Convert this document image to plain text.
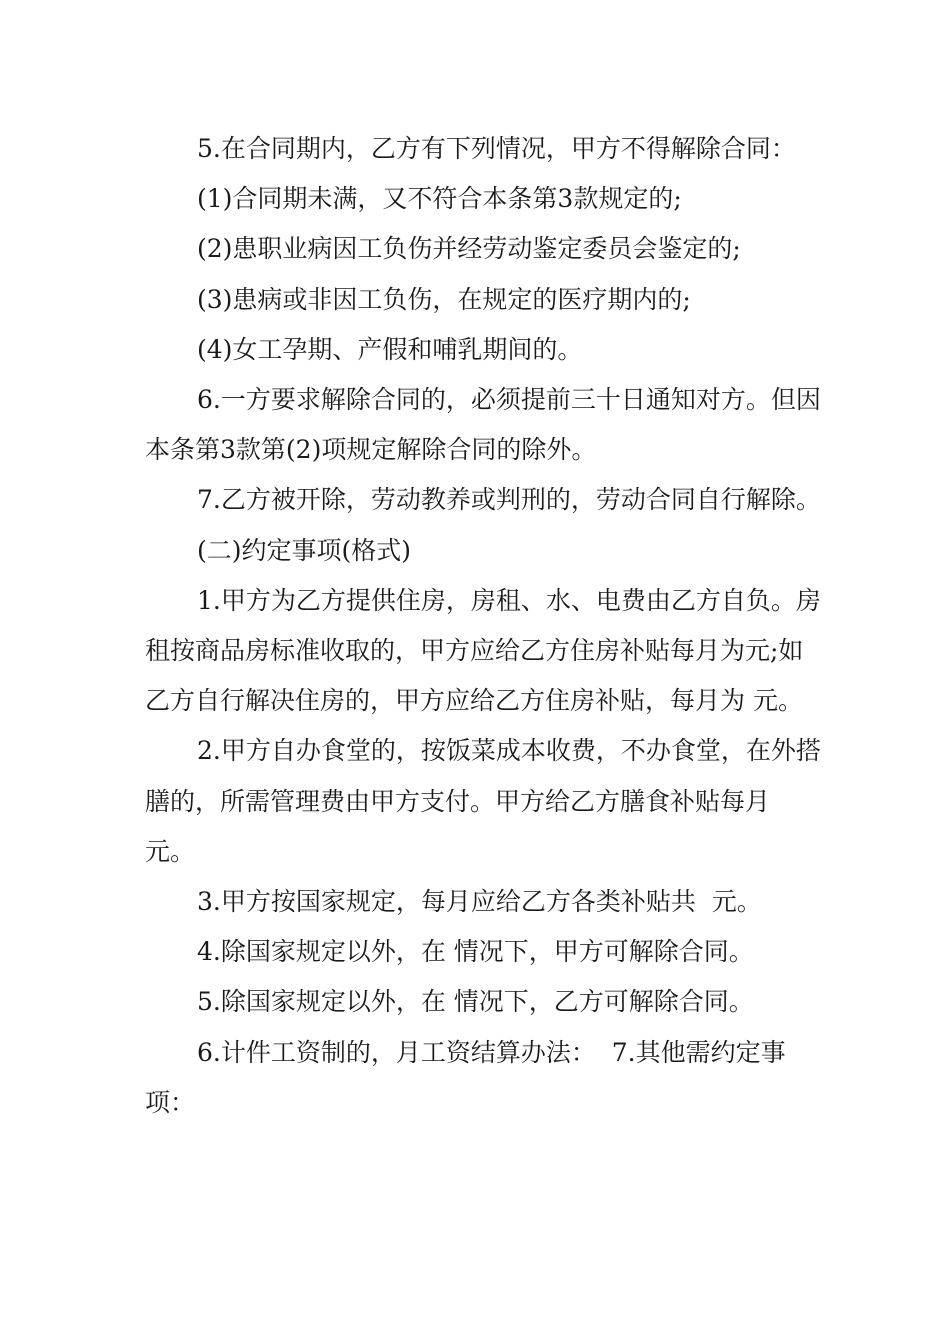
5.在合同期内，乙方有下列情况，甲方不得解除合同：

(1)合同期未满，又不符合本条第3款规定的;

(2)患职业病因工负伤并经劳动鉴定委员会鉴定的;

(3)患病或非因工负伤，在规定的医疗期内的;

(4)女工孕期、产假和哺乳期间的。

6.一方要求解除合同的，必须提前三十日通知对方。但因本条第3款第(2)项规定解除合同的除外。

7.乙方被开除，劳动教养或判刑的，劳动合同自行解除。

(二)约定事项(格式)

1.甲方为乙方提供住房，房租、水、电费由乙方自负。房租按商品房标准收取的，甲方应给乙方住房补贴每月为元;如乙方自行解决住房的，甲方应给乙方住房补贴，每月为 元。

2.甲方自办食堂的，按饭菜成本收费，不办食堂，在外搭膳的，所需管理费由甲方支付。甲方给乙方膳食补贴每月  元。

3.甲方按国家规定，每月应给乙方各类补贴共  元。

4.除国家规定以外，在 情况下，甲方可解除合同。

5.除国家规定以外，在 情况下，乙方可解除合同。

6.计件工资制的，月工资结算办法：  7.其他需约定事项：
